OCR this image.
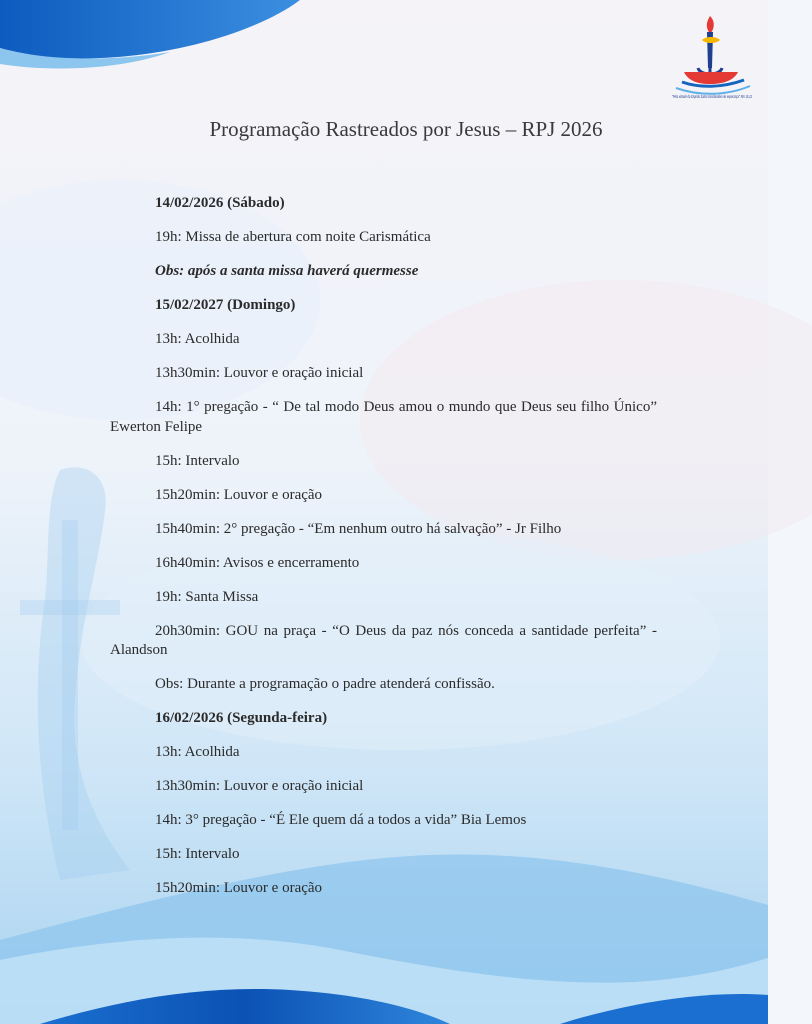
"Pela virtude do Espírito Santo transbordeis de esperança" Rm 15,13
Programação Rastreados por Jesus – RPJ 2026

14/02/2026 (Sábado)

19h: Missa de abertura com noite Carismática

Obs: após a santa missa haverá quermesse

15/02/2027 (Domingo)

13h: Acolhida

13h30min: Louvor e oração inicial

14h: 1° pregação - “ De tal modo Deus amou o mundo que Deus seu filho Único” Ewerton Felipe

15h: Intervalo

15h20min: Louvor e oração

15h40min: 2° pregação - “Em nenhum outro há salvação” - Jr Filho

16h40min: Avisos e encerramento

19h: Santa Missa

20h30min: GOU na praça - “O Deus da paz nós conceda a santidade perfeita” - Alandson

Obs: Durante a programação o padre atenderá confissão.

16/02/2026 (Segunda-feira)

13h: Acolhida

13h30min: Louvor e oração inicial

14h: 3° pregação - “É Ele quem dá a todos a vida” Bia Lemos

15h: Intervalo

15h20min: Louvor e oração
